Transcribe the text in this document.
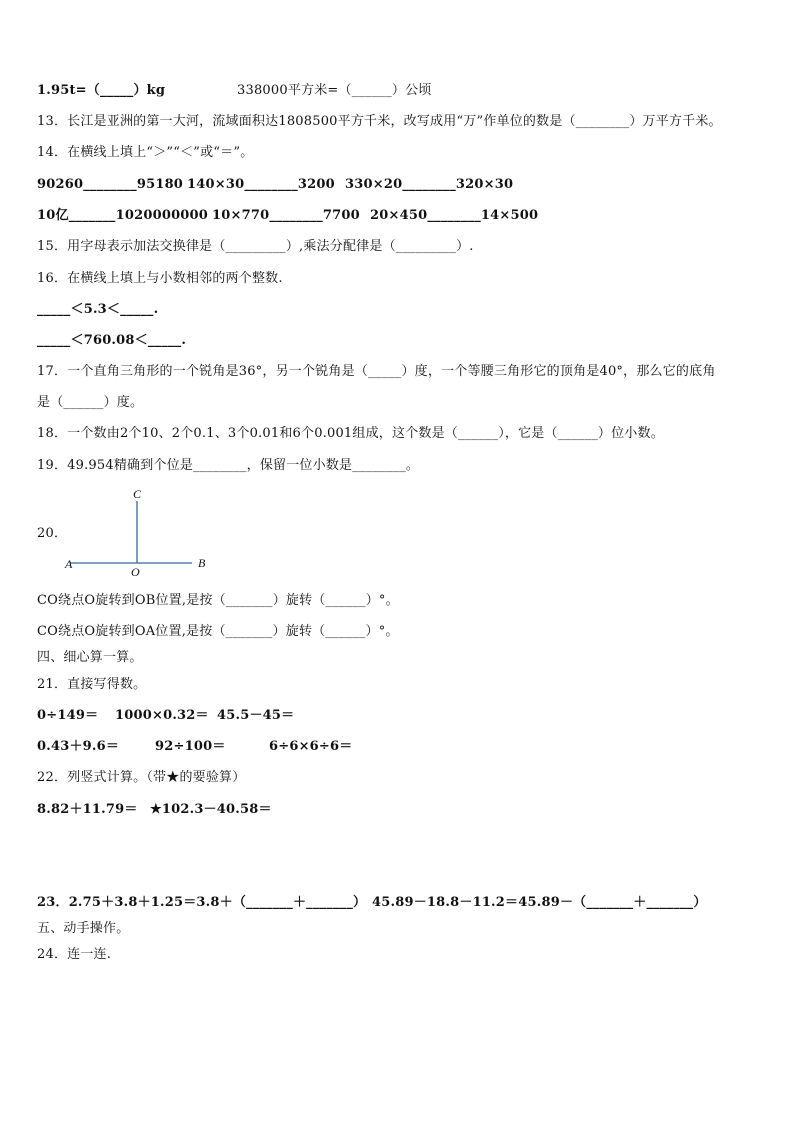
1.95t=（_____）kg

	338000平方米=（______）公顷

13．长江是亚洲的第一大河，流域面积达1808500平方千米，改写成用“万”作单位的数是（________）万平方千米。
14．在横线上填上“＞”“＜”或“＝”。

90260________95180

140×30________3200

330×20________320×30

10亿_______1020000000

10×770________7700

20×450________14×500

15．用字母表示加法交换律是（_________）,乘法分配律是（_________）.
16．在横线上填上与小数相邻的两个整数.
_____＜5.3＜_____.
_____＜760.08＜_____.
17．一个直角三角形的一个锐角是36°，另一个锐角是（_____）度，一个等腰三角形它的顶角是40°，那么它的底角
是（______）度。
18．一个数由2个10、2个0.1、3个0.01和6个0.001组成，这个数是（______），它是（______）位小数。
19．49.954精确到个位是________，保留一位小数是________。
20．
C
A
O
B
CO绕点O旋转到OB位置,是按（_______）旋转（______）°。
CO绕点O旋转到OA位置,是按（_______）旋转（______）°。
四、细心算一算。
21．直接写得数。

0÷149＝

1000×0.32＝

45.5－45＝

0.43＋9.6＝

	92÷100＝

	6÷6×6÷6＝

22．列竖式计算。（带★的要验算）

8.82＋11.79＝

★102.3－40.58＝

23．2.75＋3.8＋1.25＝3.8＋（_______＋_______）

45.89－18.8－11.2＝45.89－（_______＋_______）

五、动手操作。
24．连一连.
